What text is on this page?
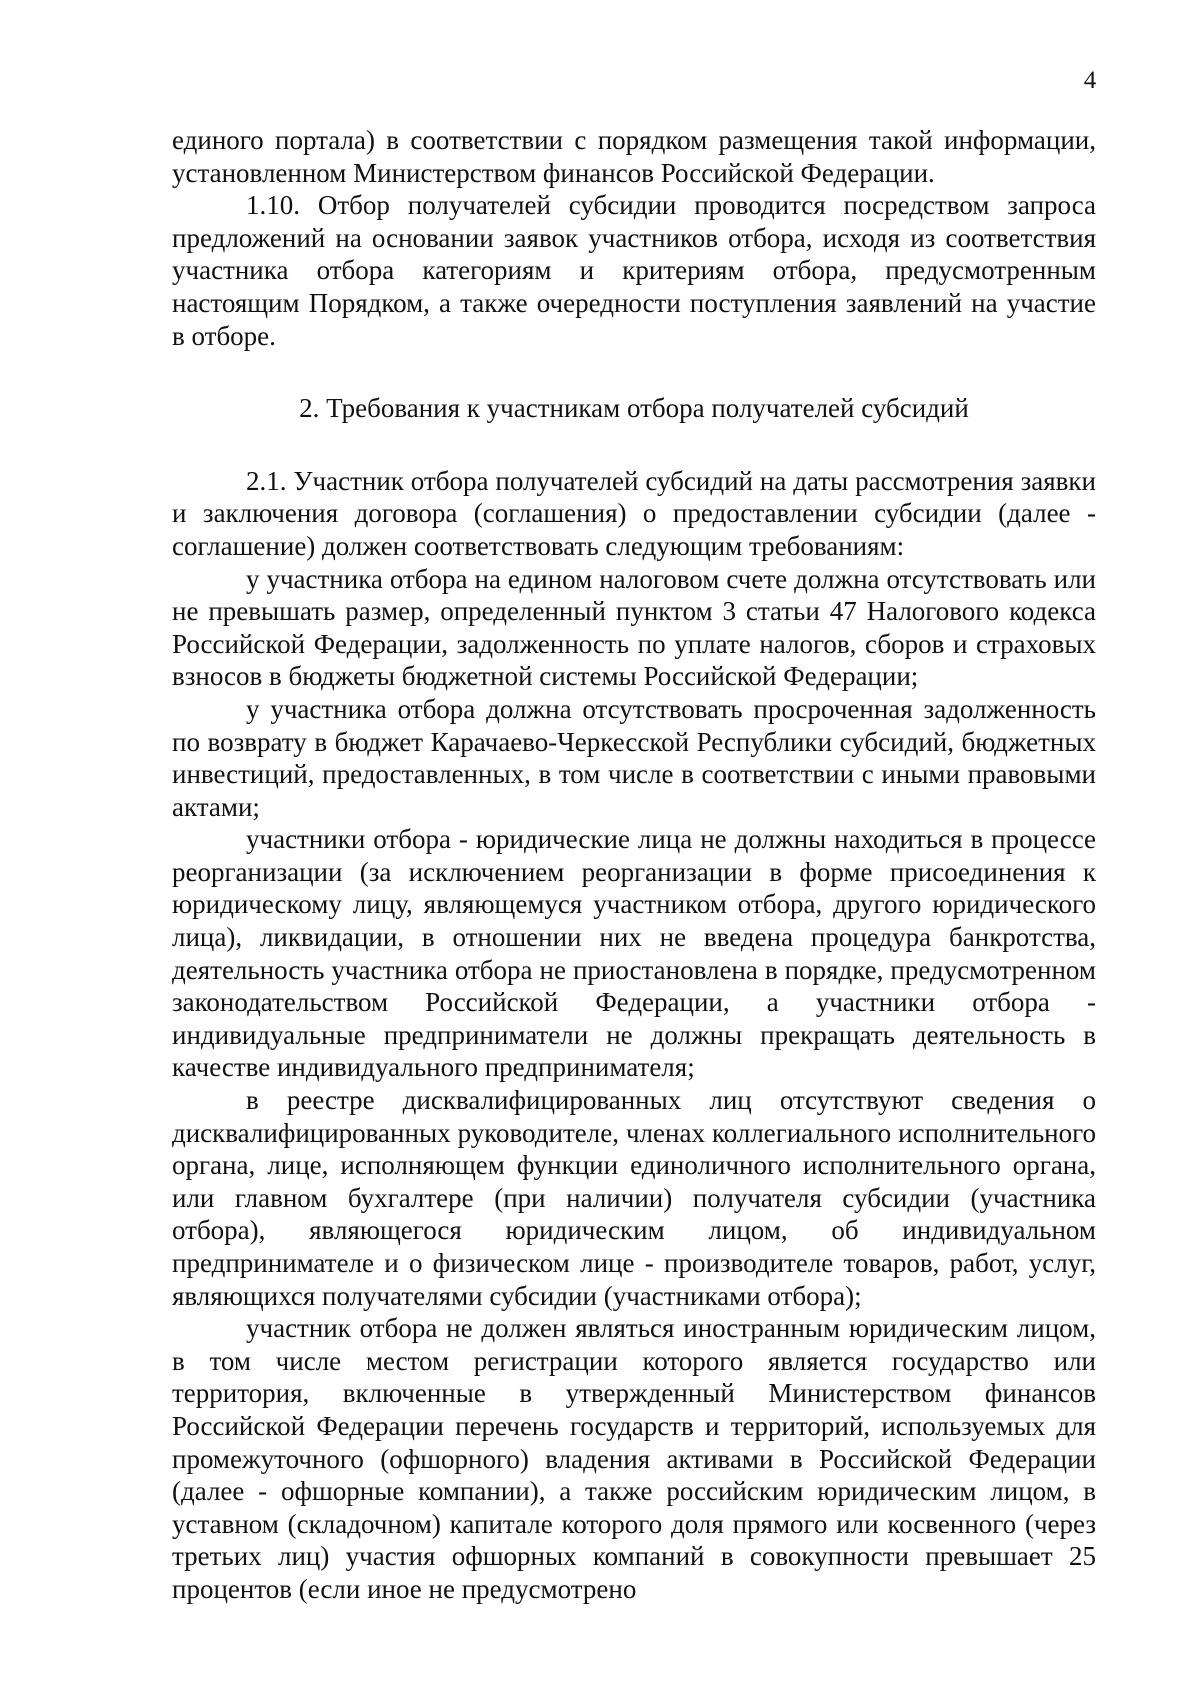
4

единого портала) в соответствии с порядком размещения такой информации, установленном Министерством финансов Российской Федерации.

1.10. Отбор получателей субсидии проводится посредством запроса предложений на основании заявок участников отбора, исходя из соответствия участника отбора категориям и критериям отбора, предусмотренным настоящим Порядком, а также очередности поступления заявлений на участие в отборе.

2. Требования к участникам отбора получателей субсидий

2.1. Участник отбора получателей субсидий на даты рассмотрения заявки и заключения договора (соглашения) о предоставлении субсидии (далее - соглашение) должен соответствовать следующим требованиям:

у участника отбора на едином налоговом счете должна отсутствовать или не превышать размер, определенный пунктом 3 статьи 47 Налогового кодекса Российской Федерации, задолженность по уплате налогов, сборов и страховых взносов в бюджеты бюджетной системы Российской Федерации;

у участника отбора должна отсутствовать просроченная задолженность по возврату в бюджет Карачаево-Черкесской Республики субсидий, бюджетных инвестиций, предоставленных, в том числе в соответствии с иными правовыми актами;

участники отбора - юридические лица не должны находиться в процессе реорганизации (за исключением реорганизации в форме присоединения к юридическому лицу, являющемуся участником отбора, другого юридического лица), ликвидации, в отношении них не введена процедура банкротства, деятельность участника отбора не приостановлена в порядке, предусмотренном законодательством Российской Федерации, а участники отбора - индивидуальные предприниматели не должны прекращать деятельность в качестве индивидуального предпринимателя;

в реестре дисквалифицированных лиц отсутствуют сведения о дисквалифицированных руководителе, членах коллегиального исполнительного органа, лице, исполняющем функции единоличного исполнительного органа, или главном бухгалтере (при наличии) получателя субсидии (участника отбора), являющегося юридическим лицом, об индивидуальном предпринимателе и о физическом лице - производителе товаров, работ, услуг, являющихся получателями субсидии (участниками отбора);

участник отбора не должен являться иностранным юридическим лицом, в том числе местом регистрации которого является государство или территория, включенные в утвержденный Министерством финансов Российской Федерации перечень государств и территорий, используемых для промежуточного (офшорного) владения активами в Российской Федерации (далее - офшорные компании), а также российским юридическим лицом, в уставном (складочном) капитале которого доля прямого или косвенного (через третьих лиц) участия офшорных компаний в совокупности превышает 25 процентов (если иное не предусмотрено
